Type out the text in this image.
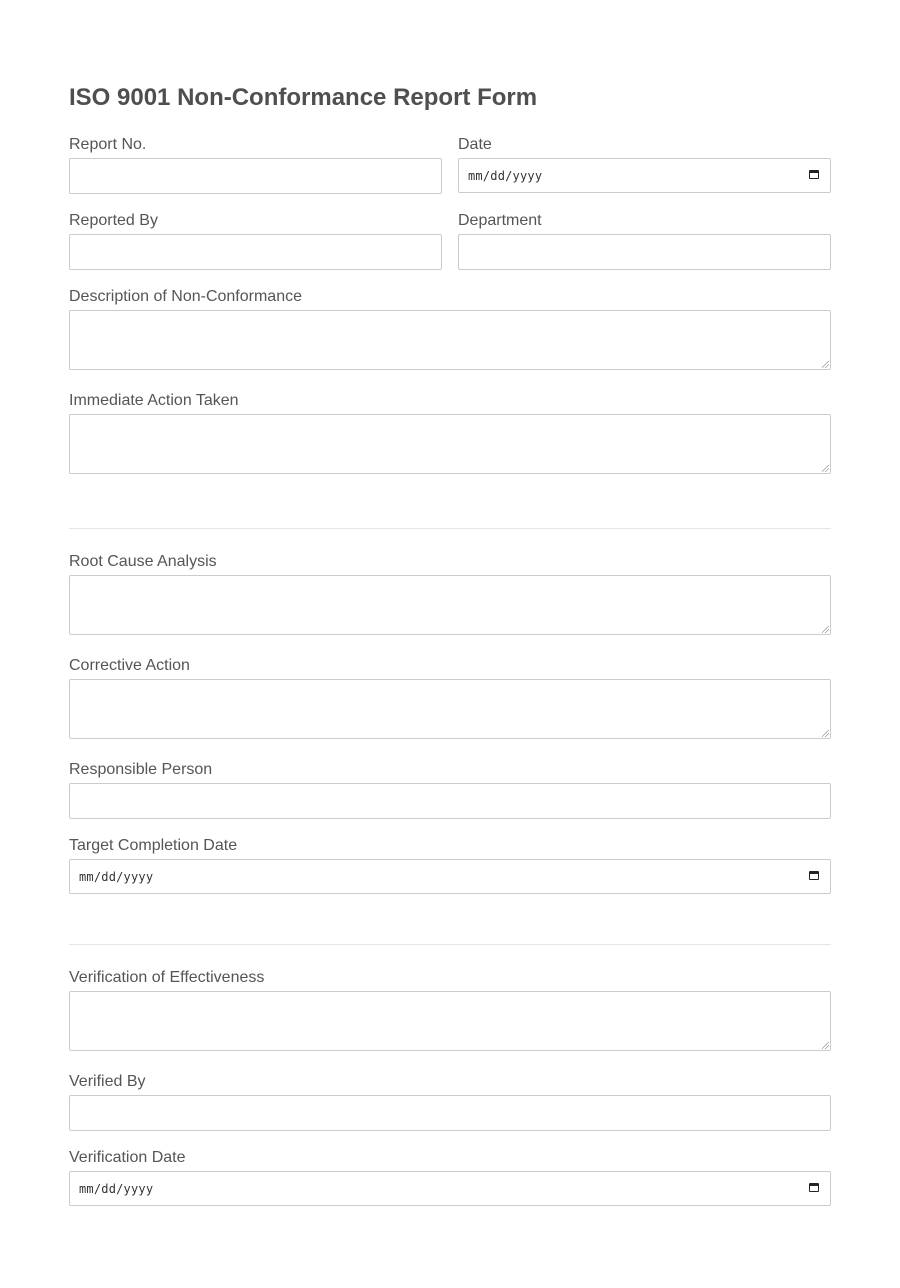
ISO 9001 Non-Conformance Report Form
Report No.	Date
mm/dd/yyyy
Reported By	Department
Description of Non-Conformance
Immediate Action Taken
Root Cause Analysis
Corrective Action
Responsible Person
Target Completion Date
mm/dd/yyyy
Verification of Effectiveness
Verified By
Verification Date
mm/dd/yyyy
